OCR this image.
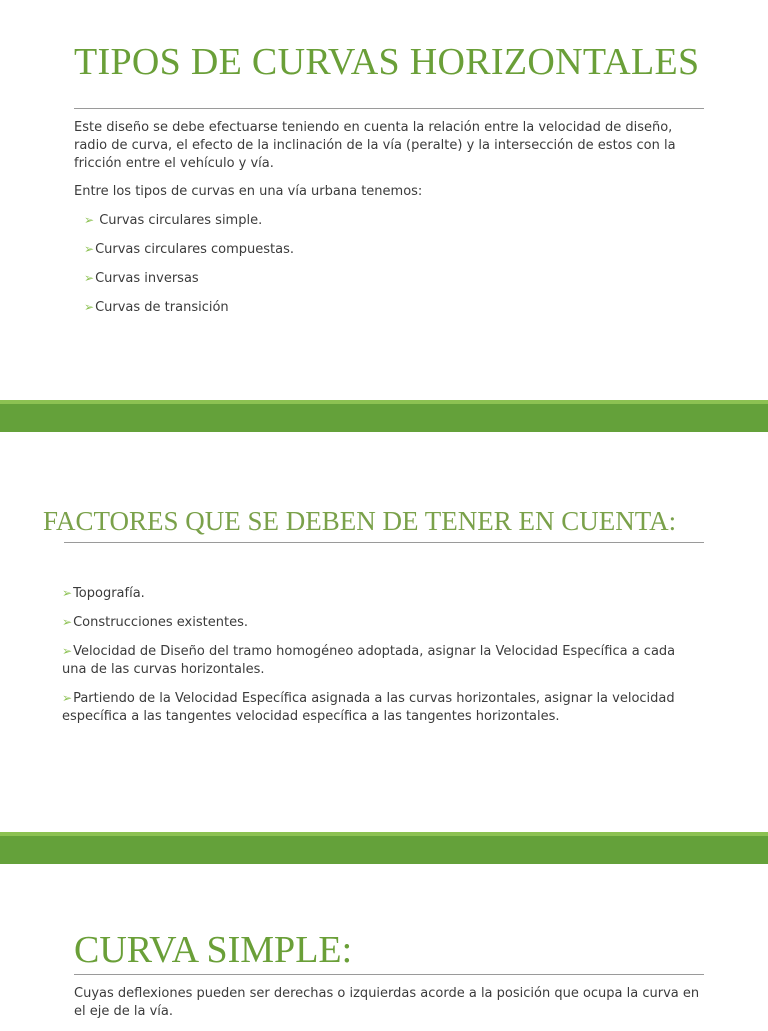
TIPOS DE CURVAS HORIZONTALES

Este diseño se debe efectuarse teniendo en cuenta la relación entre la velocidad de diseño, radio de curva, el efecto de la inclinación de la vía (peralte) y la intersección de estos con la fricción entre el vehículo y vía.

Entre los tipos de curvas en una vía urbana tenemos:

➢ Curvas circulares simple.
➢Curvas circulares compuestas.
➢Curvas inversas
➢Curvas de transición
FACTORES QUE SE DEBEN DE TENER EN CUENTA:
➢Topografía.
➢Construcciones existentes.
➢Velocidad de Diseño del tramo homogéneo adoptada, asignar la Velocidad Específica a cada una de las curvas horizontales.
➢Partiendo de la Velocidad Específica asignada a las curvas horizontales, asignar la velocidad específica a las tangentes velocidad específica a las tangentes horizontales.
CURVA SIMPLE:

Cuyas deflexiones pueden ser derechas o izquierdas acorde a la posición que ocupa la curva en el eje de la vía.
